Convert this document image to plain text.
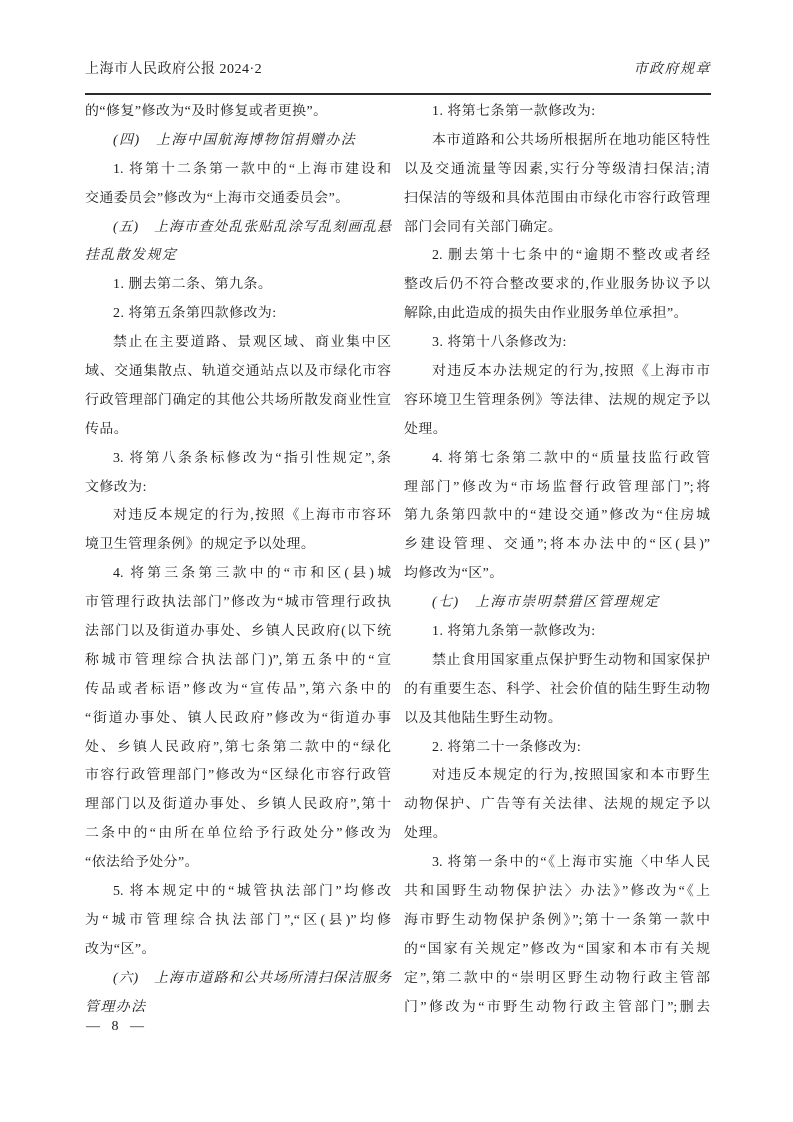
上海市人民政府公报 2024·2	市政府规章
的“修复”修改为“及时修复或者更换”。
(四)　上海中国航海博物馆捐赠办法
1. 将第十二条第一款中的“上海市建设和
交通委员会”修改为“上海市交通委员会”。
(五)　上海市查处乱张贴乱涂写乱刻画乱悬
挂乱散发规定
1. 删去第二条、第九条。
2. 将第五条第四款修改为:
禁止在主要道路、景观区域、商业集中区
域、交通集散点、轨道交通站点以及市绿化市容
行政管理部门确定的其他公共场所散发商业性宣
传品。
3. 将第八条条标修改为“指引性规定”,条
文修改为:
对违反本规定的行为,按照《上海市市容环
境卫生管理条例》的规定予以处理。
4. 将第三条第三款中的“市和区(县)城
市管理行政执法部门”修改为“城市管理行政执
法部门以及街道办事处、乡镇人民政府(以下统
称城市管理综合执法部门)”,第五条中的“宣
传品或者标语”修改为“宣传品”,第六条中的
“街道办事处、镇人民政府”修改为“街道办事
处、乡镇人民政府”,第七条第二款中的“绿化
市容行政管理部门”修改为“区绿化市容行政管
理部门以及街道办事处、乡镇人民政府”,第十
二条中的“由所在单位给予行政处分”修改为
“依法给予处分”。
5. 将本规定中的“城管执法部门”均修改
为“城市管理综合执法部门”,“区(县)”均修
改为“区”。
(六)　上海市道路和公共场所清扫保洁服务
管理办法
1. 将第七条第一款修改为:
本市道路和公共场所根据所在地功能区特性
以及交通流量等因素,实行分等级清扫保洁;清
扫保洁的等级和具体范围由市绿化市容行政管理
部门会同有关部门确定。
2. 删去第十七条中的“逾期不整改或者经
整改后仍不符合整改要求的,作业服务协议予以
解除,由此造成的损失由作业服务单位承担”。
3. 将第十八条修改为:
对违反本办法规定的行为,按照《上海市市
容环境卫生管理条例》等法律、法规的规定予以
处理。
4. 将第七条第二款中的“质量技监行政管
理部门”修改为“市场监督行政管理部门”;将
第九条第四款中的“建设交通”修改为“住房城
乡建设管理、交通”;将本办法中的“区(县)”
均修改为“区”。
(七)　上海市崇明禁猎区管理规定
1. 将第九条第一款修改为:
禁止食用国家重点保护野生动物和国家保护
的有重要生态、科学、社会价值的陆生野生动物
以及其他陆生野生动物。
2. 将第二十一条修改为:
对违反本规定的行为,按照国家和本市野生
动物保护、广告等有关法律、法规的规定予以
处理。
3. 将第一条中的“《上海市实施〈中华人民
共和国野生动物保护法〉办法》”修改为“《上
海市野生动物保护条例》”;第十一条第一款中
的“国家有关规定”修改为“国家和本市有关规
定”,第二款中的“崇明区野生动物行政主管部
门”修改为“市野生动物行政主管部门”;删去
— 8 —
